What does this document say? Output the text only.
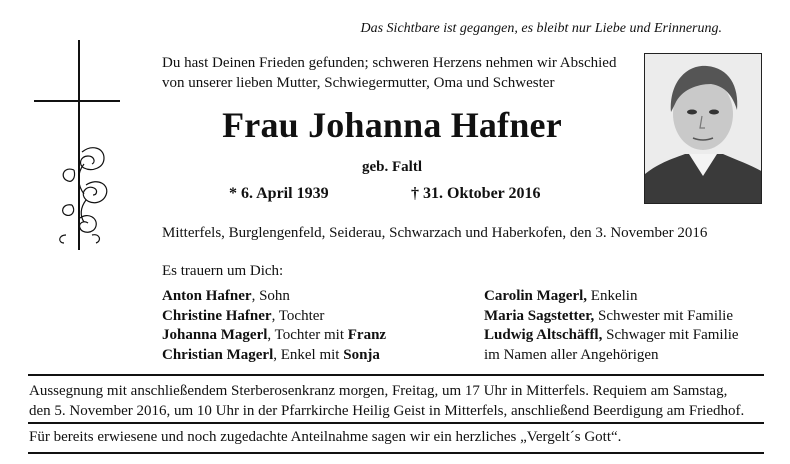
Das Sichtbare ist gegangen, es bleibt nur Liebe und Erinnerung.
Du hast Deinen Frieden gefunden; schweren Herzens nehmen wir Abschied
von unserer lieben Mutter, Schwiegermutter, Oma und Schwester
Frau Johanna Hafner
geb. Faltl
* 6. April 1939	† 31. Oktober 2016
Mitterfels, Burglengenfeld, Seiderau, Schwarzach und Haberkofen, den 3. November 2016
Es trauern um Dich:
Anton Hafner, Sohn
Christine Hafner, Tochter
Johanna Magerl, Tochter mit Franz
Christian Magerl, Enkel mit Sonja
Carolin Magerl, Enkelin
Maria Sagstetter, Schwester mit Familie
Ludwig Altschäffl, Schwager mit Familie
im Namen aller Angehörigen
Aussegnung mit anschließendem Sterberosenkranz morgen, Freitag, um 17 Uhr in Mitterfels. Requiem am Samstag,
den 5. November 2016, um 10 Uhr in der Pfarrkirche Heilig Geist in Mitterfels, anschließend Beerdigung am Friedhof.
Für bereits erwiesene und noch zugedachte Anteilnahme sagen wir ein herzliches „Vergelt´s Gott“.
